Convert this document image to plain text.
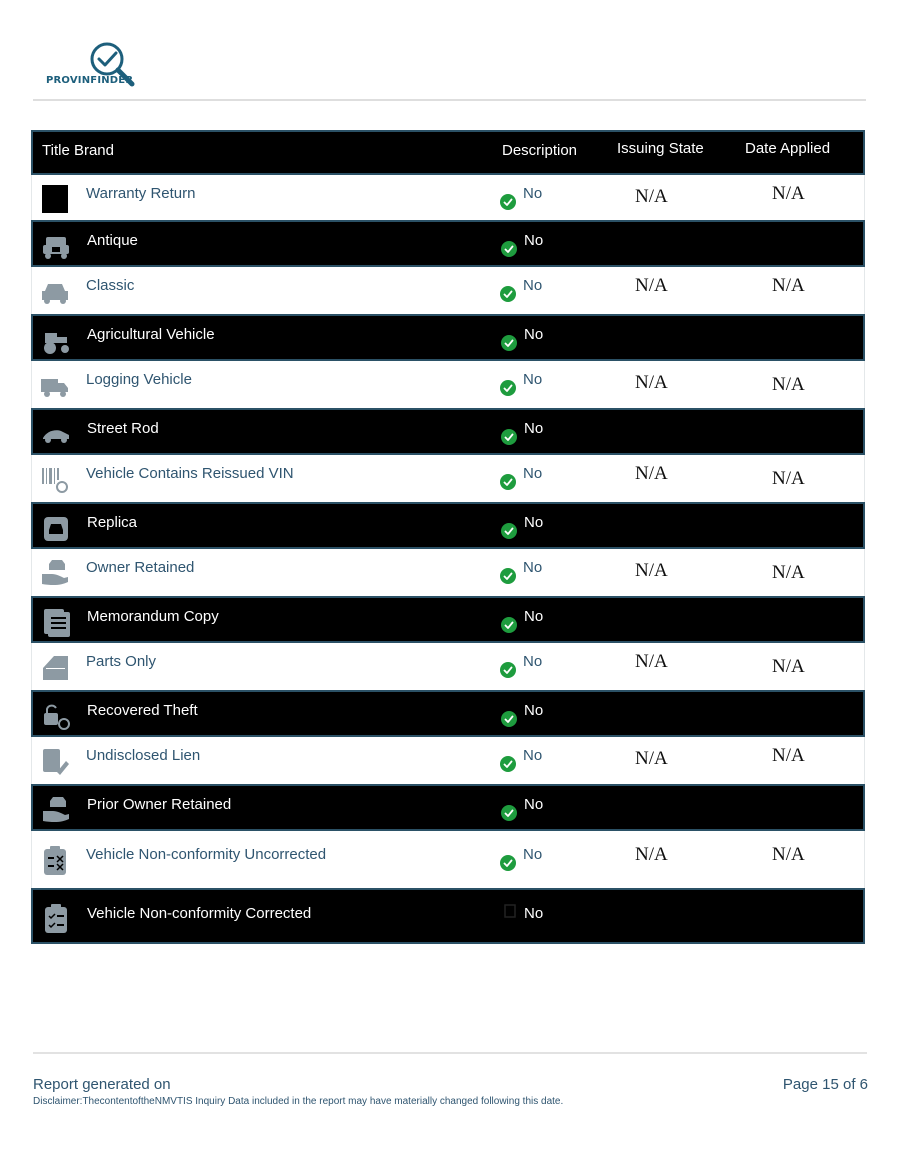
PROVINFINDER
Title Brand	Description	Issuing State	Date Applied
Warranty Return	No	N/A	N/A
Antique	No
Classic	No	N/A	N/A
Agricultural Vehicle	No
Logging Vehicle	No	N/A	N/A
Street Rod	No
Vehicle Contains Reissued VIN	No	N/A	N/A
Replica	No
Owner Retained	No	N/A	N/A
Memorandum Copy	No
Parts Only	No	N/A	N/A
Recovered Theft	No
Undisclosed Lien	No	N/A	N/A
Prior Owner Retained	No
Vehicle Non-conformity Uncorrected	No	N/A	N/A
Vehicle Non-conformity Corrected	No
Report generated on	Page 15 of 6
Disclaimer:ThecontentoftheNMVTIS Inquiry Data included in the report may have materially changed following this date.
